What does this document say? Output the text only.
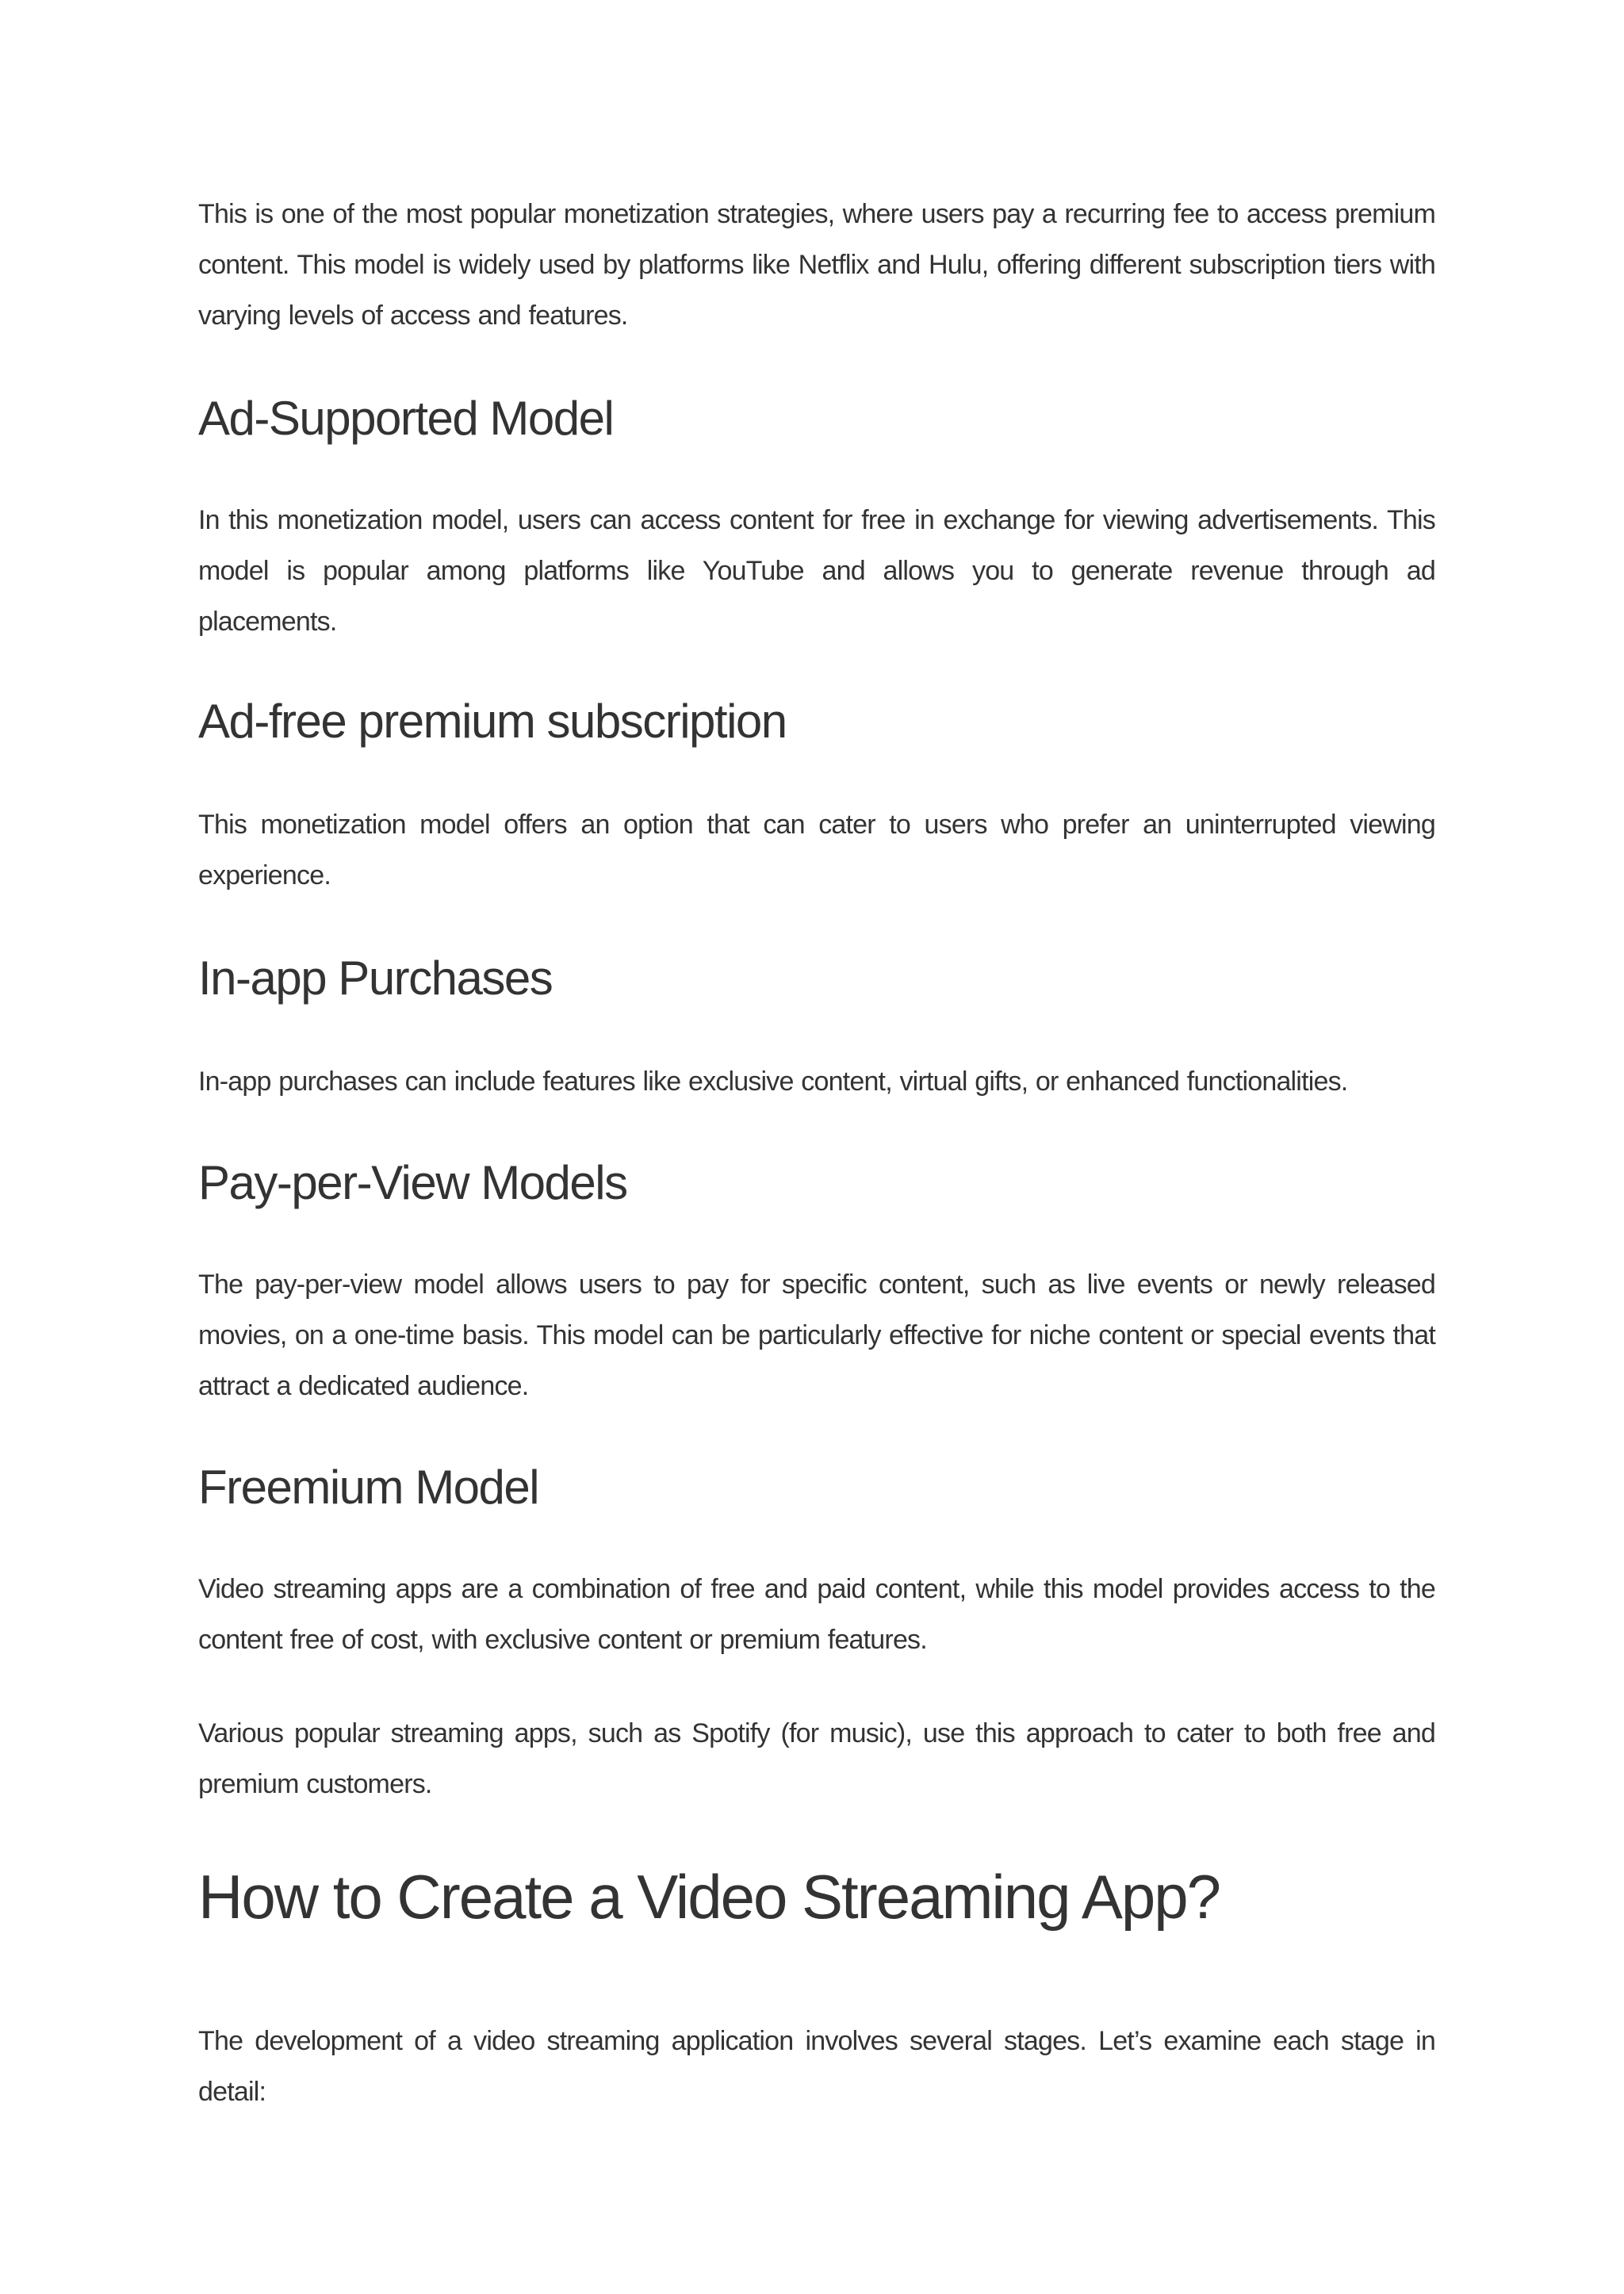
This is one of the most popular monetization strategies, where users pay a recurring fee to access premium content. This model is widely used by platforms like Netflix and Hulu, offering different subscription tiers with varying levels of access and features.

Ad-Supported Model

In this monetization model, users can access content for free in exchange for viewing advertisements. This model is popular among platforms like YouTube and allows you to generate revenue through ad placements.

Ad-free premium subscription

This monetization model offers an option that can cater to users who prefer an uninterrupted viewing experience.

In-app Purchases

In-app purchases can include features like exclusive content, virtual gifts, or enhanced functionalities.

Pay-per-View Models

The pay-per-view model allows users to pay for specific content, such as live events or newly released movies, on a one-time basis. This model can be particularly effective for niche content or special events that attract a dedicated audience.

Freemium Model

Video streaming apps are a combination of free and paid content, while this model provides access to the content free of cost, with exclusive content or premium features.

Various popular streaming apps, such as Spotify (for music), use this approach to cater to both free and premium customers.

How to Create a Video Streaming App?

The development of a video streaming application involves several stages. Let’s examine each stage in detail:
